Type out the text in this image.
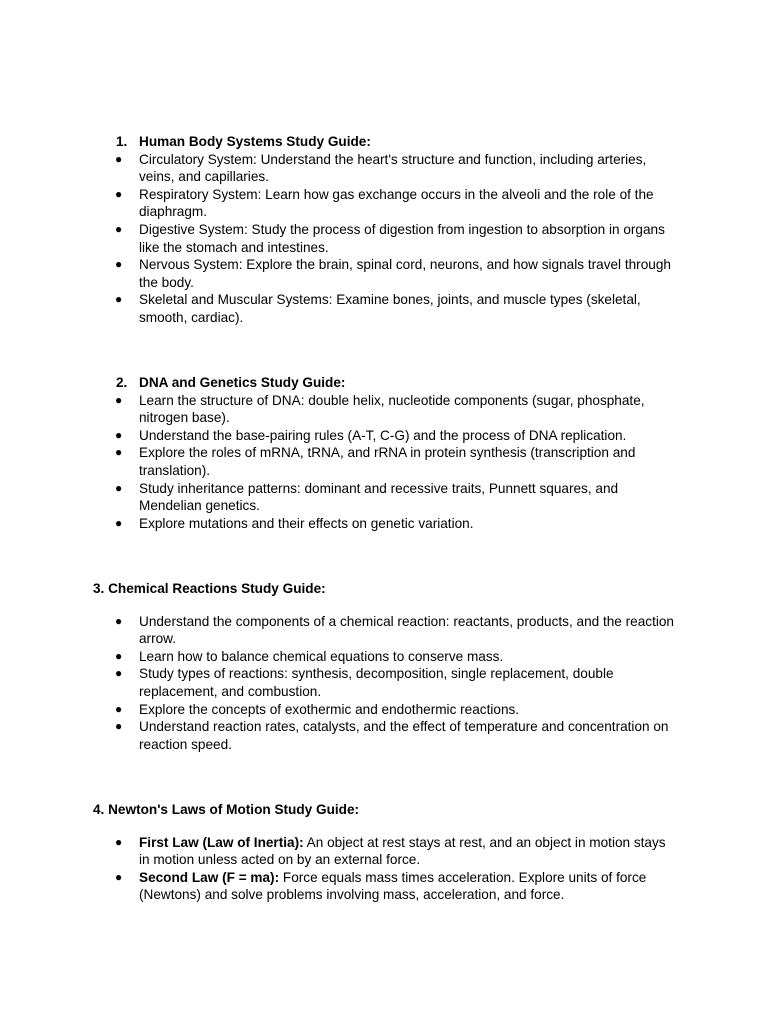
1. Human Body Systems Study Guide:
● Circulatory System: Understand the heart's structure and function, including arteries, veins, and capillaries.
● Respiratory System: Learn how gas exchange occurs in the alveoli and the role of the diaphragm.
● Digestive System: Study the process of digestion from ingestion to absorption in organs like the stomach and intestines.
● Nervous System: Explore the brain, spinal cord, neurons, and how signals travel through the body.
● Skeletal and Muscular Systems: Examine bones, joints, and muscle types (skeletal, smooth, cardiac).
2. DNA and Genetics Study Guide:
● Learn the structure of DNA: double helix, nucleotide components (sugar, phosphate, nitrogen base).
● Understand the base-pairing rules (A-T, C-G) and the process of DNA replication.
● Explore the roles of mRNA, tRNA, and rRNA in protein synthesis (transcription and translation).
● Study inheritance patterns: dominant and recessive traits, Punnett squares, and Mendelian genetics.
● Explore mutations and their effects on genetic variation.
3. Chemical Reactions Study Guide:
● Understand the components of a chemical reaction: reactants, products, and the reaction arrow.
● Learn how to balance chemical equations to conserve mass.
● Study types of reactions: synthesis, decomposition, single replacement, double replacement, and combustion.
● Explore the concepts of exothermic and endothermic reactions.
● Understand reaction rates, catalysts, and the effect of temperature and concentration on reaction speed.
4. Newton's Laws of Motion Study Guide:
● First Law (Law of Inertia): An object at rest stays at rest, and an object in motion stays in motion unless acted on by an external force.
● Second Law (F = ma): Force equals mass times acceleration. Explore units of force (Newtons) and solve problems involving mass, acceleration, and force.
